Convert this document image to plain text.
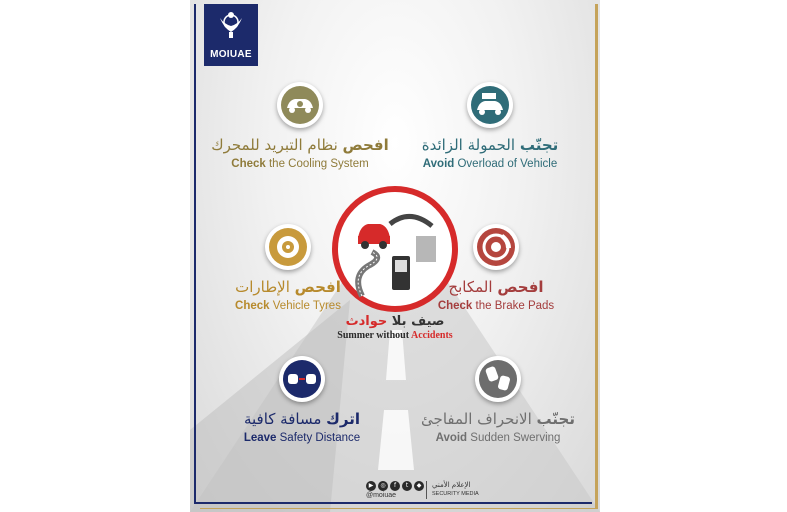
MOIUAE
افحص نظام التبريد للمحرك
Check the Cooling System
تجنّب الحمولة الزائدة
Avoid Overload of Vehicle
افحص الإطارات
Check Vehicle Tyres
افحص المكابح
Check the Brake Pads
صيف بلا حوادث
Summer without Accidents
اترك مسافة كافية
Leave Safety Distance
تجنّب الانحراف المفاجئ
Avoid Sudden Swerving
▶	◎	f	t	◆
@moiuae
الإعلام الأمني
SECURITY MEDIA
